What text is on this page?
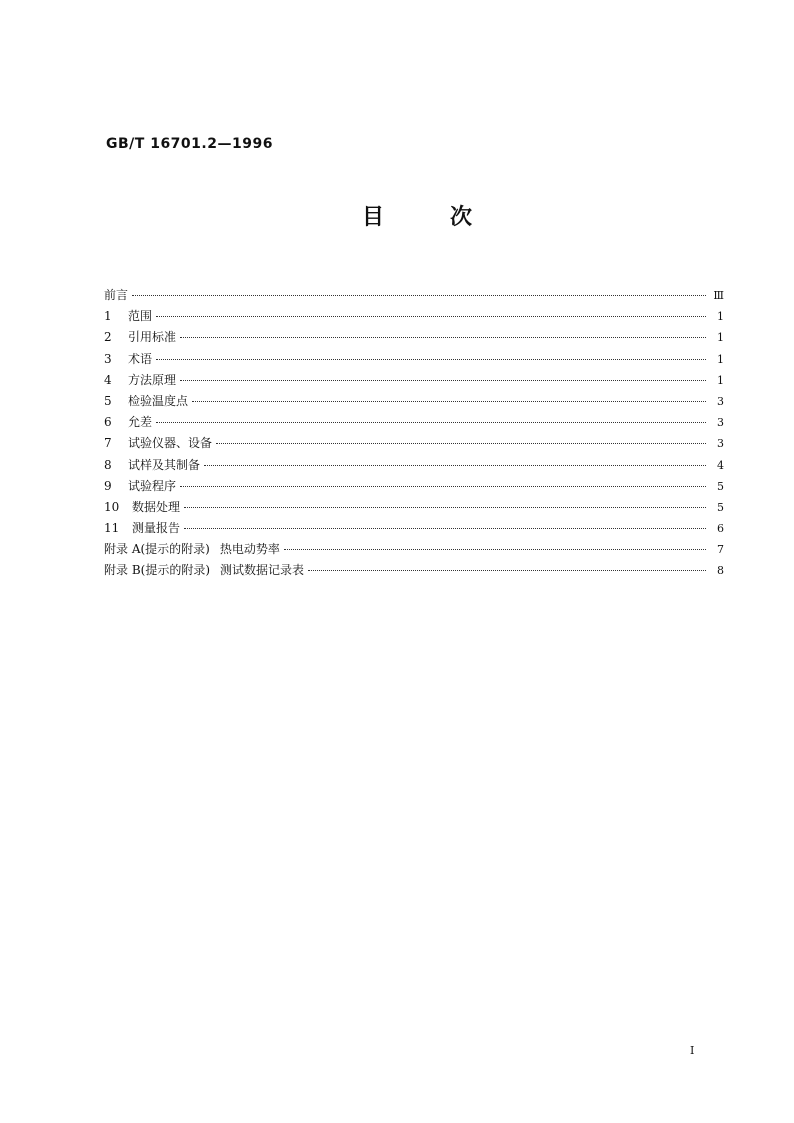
GB/T 16701.2—1996
目	次
前言	Ⅲ
1	范围	1
2	引用标准	1
3	术语	1
4	方法原理	1
5	检验温度点	3
6	允差	3
7	试验仪器、设备	3
8	试样及其制备	4
9	试验程序	5
10	数据处理	5
11	测量报告	6
附录 A(提示的附录) 热电动势率	7
附录 B(提示的附录) 测试数据记录表	8
I
